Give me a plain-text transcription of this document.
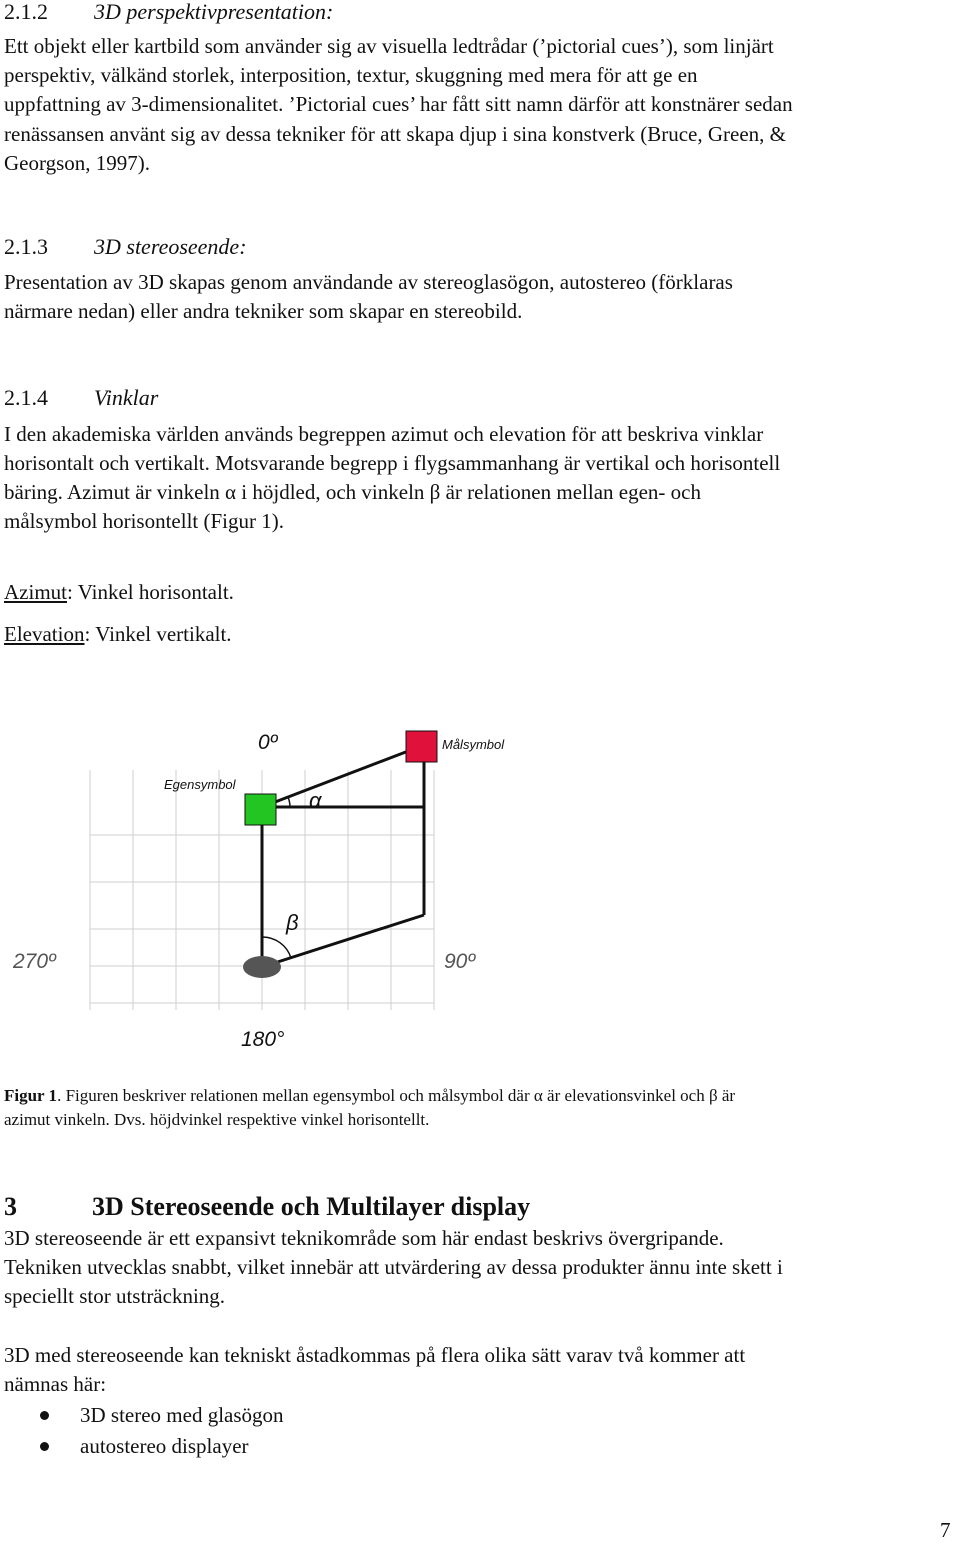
2.1.2 3D perspektivpresentation:
Ett objekt eller kartbild som använder sig av visuella ledtrådar (’pictorial cues’), som linjärt
perspektiv, välkänd storlek, interposition, textur, skuggning med mera för att ge en
uppfattning av 3-dimensionalitet. ’Pictorial cues’ har fått sitt namn därför att konstnärer sedan
renässansen använt sig av dessa tekniker för att skapa djup i sina konstverk (Bruce, Green, &
Georgson, 1997).
2.1.3 3D stereoseende:
Presentation av 3D skapas genom användande av stereoglasögon, autostereo (förklaras
närmare nedan) eller andra tekniker som skapar en stereobild.
2.1.4 Vinklar
I den akademiska världen används begreppen azimut och elevation för att beskriva vinklar
horisontalt och vertikalt. Motsvarande begrepp i flygsammanhang är vertikal och horisontell
bäring. Azimut är vinkeln α i höjdled, och vinkeln β är relationen mellan egen- och
målsymbol horisontellt (Figur 1).
Azimut: Vinkel horisontalt.
Elevation: Vinkel vertikalt.
0º	Målsymbol
Egensymbol
α
β
270º	90º
180°
Figur 1. Figuren beskriver relationen mellan egensymbol och målsymbol där α är elevationsvinkel och β är
azimut vinkeln. Dvs. höjdvinkel respektive vinkel horisontellt.
3	3D Stereoseende och Multilayer display
3D stereoseende är ett expansivt teknikområde som här endast beskrivs övergripande.
Tekniken utvecklas snabbt, vilket innebär att utvärdering av dessa produkter ännu inte skett i
speciellt stor utsträckning.
3D med stereoseende kan tekniskt åstadkommas på flera olika sätt varav två kommer att
nämnas här:
3D stereo med glasögon
autostereo displayer
7
